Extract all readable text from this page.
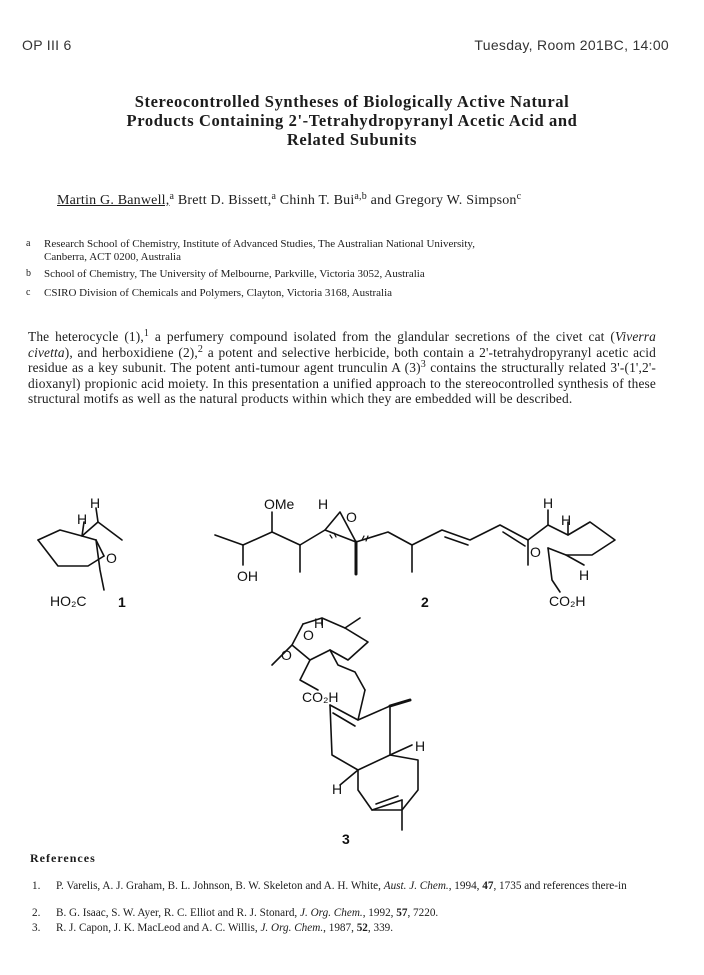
OP III 6	Tuesday, Room 201BC, 14:00
Stereocontrolled Syntheses of Biologically Active Natural
Products Containing 2'-Tetrahydropyranyl Acetic Acid and
Related Subunits
Martin G. Banwell,$^a$ Brett D. Bissett,$^a$ Chinh T. Bui$^{a,b}$ and Gregory W. Simpson$^c$
a Research School of Chemistry, Institute of Advanced Studies, The Australian National University,
Canberra, ACT 0200, Australia
b School of Chemistry, The University of Melbourne, Parkville, Victoria 3052, Australia
c CSIRO Division of Chemicals and Polymers, Clayton, Victoria 3168, Australia
The heterocycle (1),$^1$ a perfumery compound isolated from the glandular secretions of the civet cat (Viverra civetta), and herboxidiene (2),$^2$ a potent and selective herbicide, both contain a 2'-tetrahydropyranyl acetic acid residue as a key subunit. The potent anti-tumour agent trunculin A $(3)^3$ contains the structurally related 3'-(1',2'-dioxanyl) propionic acid moiety. In this presentation a unified approach to the stereocontrolled synthesis of these structural motifs as well as the natural products within which they are embedded will be described.
H
H
O
HO₂C 1
OMe H
O
OH
H
H
O
H
CO₂H
2
H
O
O
CO₂H
H
H
3
References
1. P. Varelis, A. J. Graham, B. L. Johnson, B. W. Skeleton and A. H. White, Aust. J. Chem., 1994, 47, 1735 and references there-in
2. B. G. Isaac, S. W. Ayer, R. C. Elliot and R. J. Stonard, J. Org. Chem., 1992, 57, 7220.
3. R. J. Capon, J. K. MacLeod and A. C. Willis, J. Org. Chem., 1987, 52, 339.
